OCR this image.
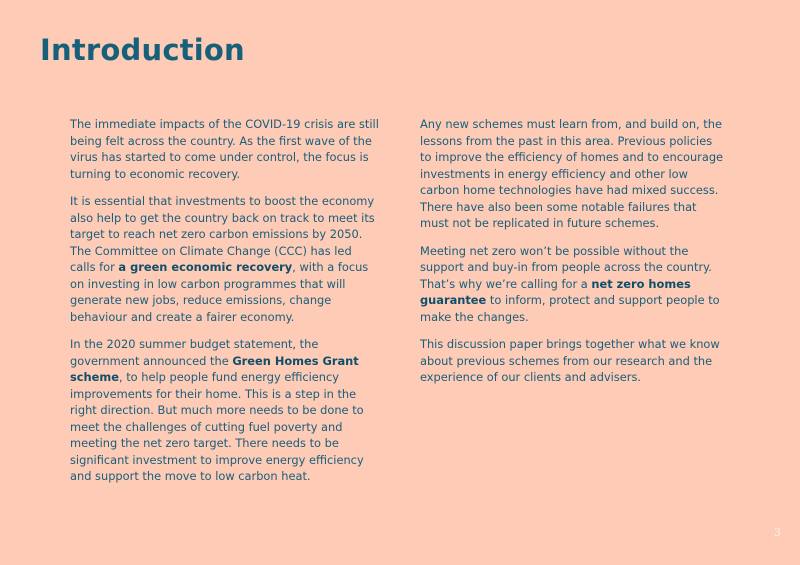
Introduction

The immediate impacts of the COVID-19 crisis are still being felt across the country. As the first wave of the virus has started to come under control, the focus is turning to economic recovery.

It is essential that investments to boost the economy also help to get the country back on track to meet its target to reach net zero carbon emissions by 2050. The Committee on Climate Change (CCC) has led calls for a green economic recovery, with a focus on investing in low carbon programmes that will generate new jobs, reduce emissions, change behaviour and create a fairer economy.

In the 2020 summer budget statement, the government announced the Green Homes Grant scheme, to help people fund energy efficiency improvements for their home. This is a step in the right direction. But much more needs to be done to meet the challenges of cutting fuel poverty and meeting the net zero target. There needs to be significant investment to improve energy efficiency and support the move to low carbon heat.

Any new schemes must learn from, and build on, the lessons from the past in this area. Previous policies to improve the efficiency of homes and to encourage investments in energy efficiency and other low carbon home technologies have had mixed success. There have also been some notable failures that must not be replicated in future schemes.

Meeting net zero won’t be possible without the support and buy-in from people across the country. That’s why we’re calling for a net zero homes guarantee to inform, protect and support people to make the changes.

This discussion paper brings together what we know about previous schemes from our research and the experience of our clients and advisers.

3
